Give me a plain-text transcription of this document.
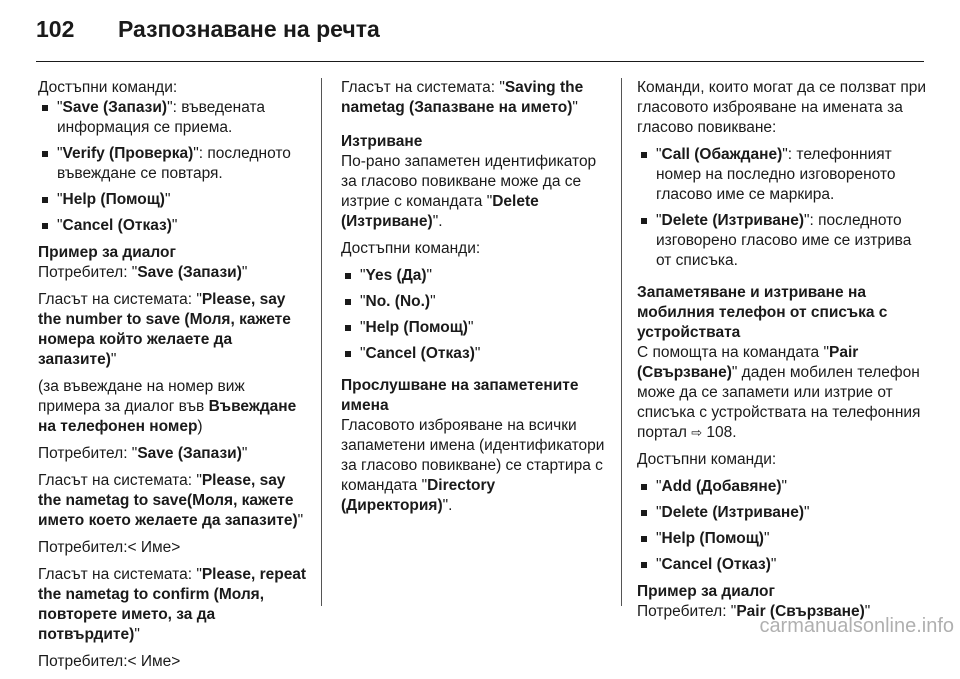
102 Разпознаване на речта

Достъпни команди:

"Save (Запази)": въведената информация се приема.
"Verify (Проверка)": последното въвеждане се повтаря.
"Help (Помощ)"
"Cancel (Отказ)"

Пример за диалог

Потребител: "Save (Запази)"

Гласът на системата: "Please, say the number to save (Моля, кажете номера който желаете да запазите)"

(за въвеждане на номер виж примера за диалог във Въвеждане на телефонен номер)

Потребител: "Save (Запази)"

Гласът на системата: "Please, say the nametag to save(Моля, кажете името което желаете да запазите)"

Потребител:< Име>

Гласът на системата: "Please, repeat the nametag to confirm (Моля, повторете името, за да потвърдите)"

Потребител:< Име>

Гласът на системата: "Saving the nametag (Запазване на името)"

Изтриване

По-рано запаметен идентификатор за гласово повикване може да се изтрие с командата "Delete (Изтриване)".

Достъпни команди:

"Yes (Да)"
"No. (No.)"
"Help (Помощ)"
"Cancel (Отказ)"

Прослушване на запаметените имена

Гласовото изброяване на всички запаметени имена (идентификатори за гласово повикване) се стартира с командата "Directory (Директория)".

Команди, които могат да се ползват при гласовото изброяване на имената за гласово повикване:

"Call (Обаждане)": телефонният номер на последно изговореното гласово име се маркира.
"Delete (Изтриване)": последното изговорено гласово име се изтрива от списъка.

Запаметяване и изтриване на мобилния телефон от списъка с устройствата

С помощта на командата "Pair (Свързване)" даден мобилен телефон може да се запамети или изтрие от списъка с устройствата на телефонния портал ⇨ 108.

Достъпни команди:

"Add (Добавяне)"
"Delete (Изтриване)"
"Help (Помощ)"
"Cancel (Отказ)"

Пример за диалог

Потребител: "Pair (Свързване)"

carmanualsonline.info
